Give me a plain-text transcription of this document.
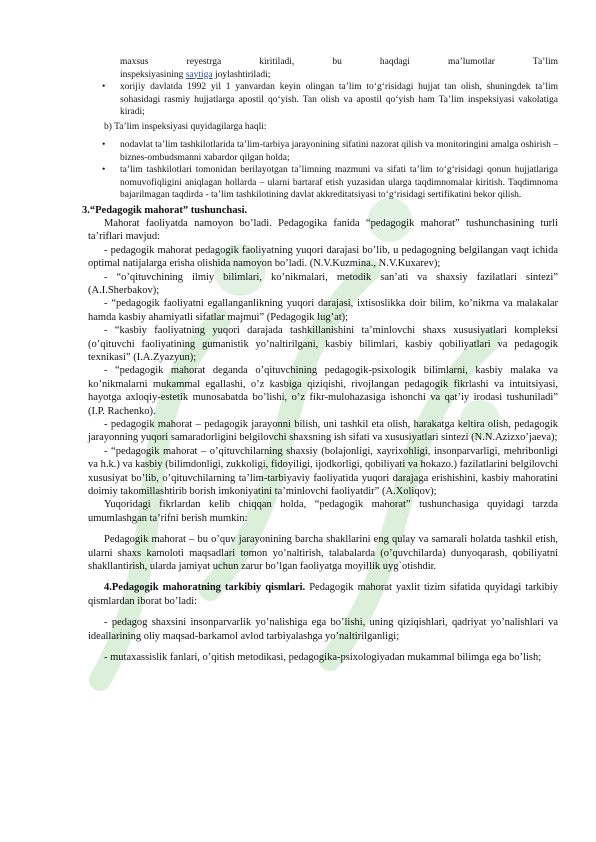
maxsus reyestrga kiritiladi, bu haqdagi ma’lumotlar Ta’lim

inspeksiyasining saytiga joylashtiriladi;

• xorijiy davlatda 1992 yil 1 yanvardan keyin olingan ta’lim to‘g‘risidagi hujjat tan olish, shuningdek ta’lim sohasidagi rasmiy hujjatlarga apostil qo‘yish. Tan olish va apostil qo‘yish ham Ta’lim inspeksiyasi vakolatiga kiradi;

b) Ta’lim inspeksiyasi quyidagilarga haqli:

• nodavlat ta’lim tashkilotlarida ta’lim-tarbiya jarayonining sifatini nazorat qilish va monitoringini amalga oshirish – biznes-ombudsmanni xabardor qilgan holda;

• ta’lim tashkilotlari tomonidan berilayotgan ta’limning mazmuni va sifati ta’lim to‘g‘risidagi qonun hujjatlariga nomuvofiqligini aniqlagan hollarda – ularni bartaraf etish yuzasidan ularga taqdimnomalar kiritish. Taqdimnoma bajarilmagan taqdirda - ta’lim tashkilotining davlat akkreditatsiyasi to‘g‘risidagi sertifikatini bekor qilish.

3.“Pedagogik mahorat” tushunchasi.

Mahorat faoliyatda namoyon bo’ladi. Pedagogika fanida “pedagogik mahorat” tushunchasining turli ta’riflari mavjud:

- pedagogik mahorat pedagogik faoliyatning yuqori darajasi bo’lib, u pedagogning belgilangan vaqt ichida optimal natijalarga erisha olishida namoyon bo’ladi. (N.V.Kuzmina., N.V.Kuxarev);

- “o’qituvchining ilmiy bilimlari, ko’nikmalari, metodik san’ati va shaxsiy fazilatlari sintezi” (A.I.Sherbakov);

- “pedagogik faoliyatni egallanganlikning yuqori darajasi, ixtisoslikka doir bilim, ko’nikma va malakalar hamda kasbiy ahamiyatli sifatlar majmui” (Pedagogik lug’at);

- “kasbiy faoliyatning yuqori darajada tashkillanishini ta’minlovchi shaxs xususiyatlari kompleksi (o’qituvchi faoliyatining gumanistik yo’naltirilgani, kasbiy bilimlari, kasbiy qobiliyatlari va pedagogik texnikasi” (I.A.Zyazyun);

- “pedagogik mahorat deganda o’qituvchining pedagogik-psixologik bilimlarni, kasbiy malaka va ko’nikmalarni mukammal egallashi, o’z kasbiga qiziqishi, rivojlangan pedagogik fikrlashi va intuitsiyasi, hayotga axloqiy-estetik munosabatda bo’lishi, o’z fikr-mulohazasiga ishonchi va qat’iy irodasi tushuniladi” (I.P. Rachenko).

- pedagogik mahorat – pedagogik jarayonni bilish, uni tashkil eta olish, harakatga keltira olish, pedagogik jarayonning yuqori samaradorligini belgilovchi shaxsning ish sifati va xususiyatlari sintezi (N.N.Azizxo’jaeva);

- “pedagogik mahorat – o’qituvchilarning shaxsiy (bolajonligi, xayrixohligi, insonparvarligi, mehribonligi va h.k.) va kasbiy (bilimdonligi, zukkoligi, fidoyiligi, ijodkorligi, qobiliyati va hokazo.) fazilatlarini belgilovchi xususiyat bo’lib, o’qituvchilarning ta’lim-tarbiyaviy faoliyatida yuqori darajaga erishishini, kasbiy mahoratini doimiy takomillashtirib borish imkoniyatini ta’minlovchi faoliyatdir” (A.Xoliqov);

Yuqoridagi fikrlardan kelib chiqqan holda, “pedagogik mahorat” tushunchasiga quyidagi tarzda umumlashgan ta’rifni berish mumkin:

Pedagogik mahorat – bu o’quv jarayonining barcha shakllarini eng qulay va samarali holatda tashkil etish, ularni shaxs kamoloti maqsadlari tomon yo’naltirish, talabalarda (o’quvchilarda) dunyoqarash, qobiliyatni shakllantirish, ularda jamiyat uchun zarur bo’lgan faoliyatga moyillik uyg`otishdir.

4.Pedagogik mahoratning tarkibiy qismlari. Pedagogik mahorat yaxlit tizim sifatida quyidagi tarkibiy qismlardan iborat bo’ladi:

- pedagog shaxsini insonparvarlik yo’nalishiga ega bo’lishi, uning qiziqishlari, qadriyat yo’nalishlari va ideallarining oliy maqsad-barkamol avlod tarbiyalashga yo’naltirilganligi;

- mutaxassislik fanlari, o’qitish metodikasi, pedagogika-psixologiyadan mukammal bilimga ega bo’lish;
